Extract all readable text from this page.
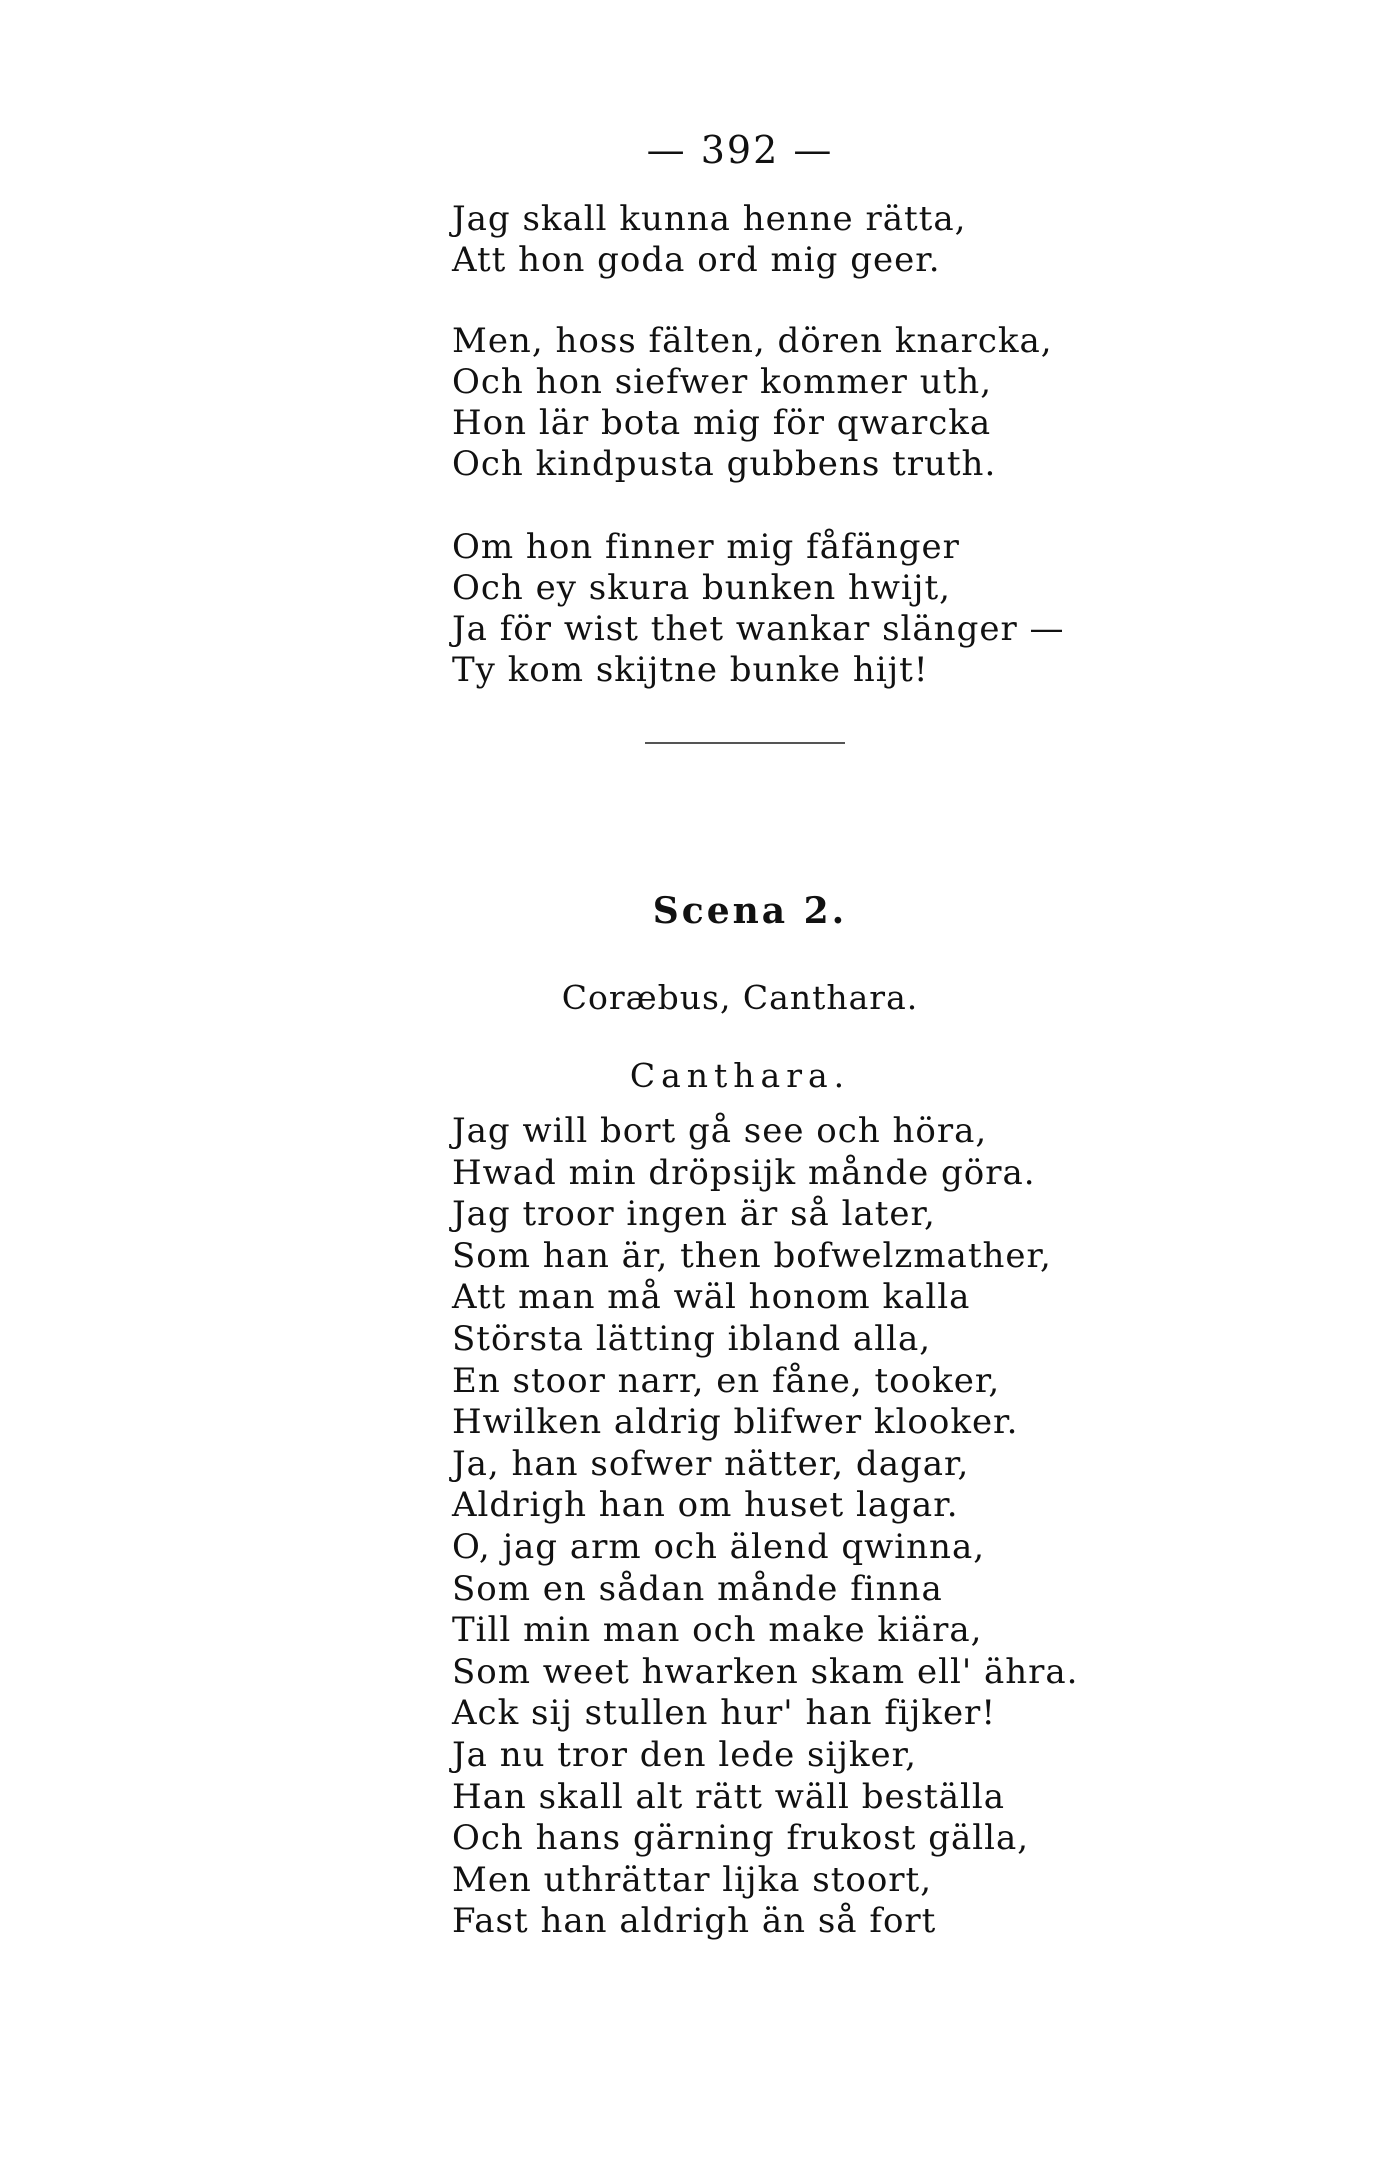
— 392 —
Jag skall kunna henne rätta,
Att hon goda ord mig geer.
Men, hoss fälten, dören knarcka,
Och hon siefwer kommer uth,
Hon lär bota mig för qwarcka
Och kindpusta gubbens truth.
Om hon finner mig fåfänger
Och ey skura bunken hwijt,
Ja för wist thet wankar slänger —
Ty kom skijtne bunke hijt!
Scena 2.
Coræbus, Canthara.
Canthara.
Jag will bort gå see och höra,
Hwad min dröpsijk månde göra.
Jag troor ingen är så later,
Som han är, then bofwelzmather,
Att man må wäl honom kalla
Största lätting ibland alla,
En stoor narr, en fåne, tooker,
Hwilken aldrig blifwer klooker.
Ja, han sofwer nätter, dagar,
Aldrigh han om huset lagar.
O, jag arm och älend qwinna,
Som en sådan månde finna
Till min man och make kiära,
Som weet hwarken skam ell' ähra.
Ack sij stullen hur' han fijker!
Ja nu tror den lede sijker,
Han skall alt rätt wäll beställa
Och hans gärning frukost gälla,
Men uthrättar lijka stoort,
Fast han aldrigh än så fort
